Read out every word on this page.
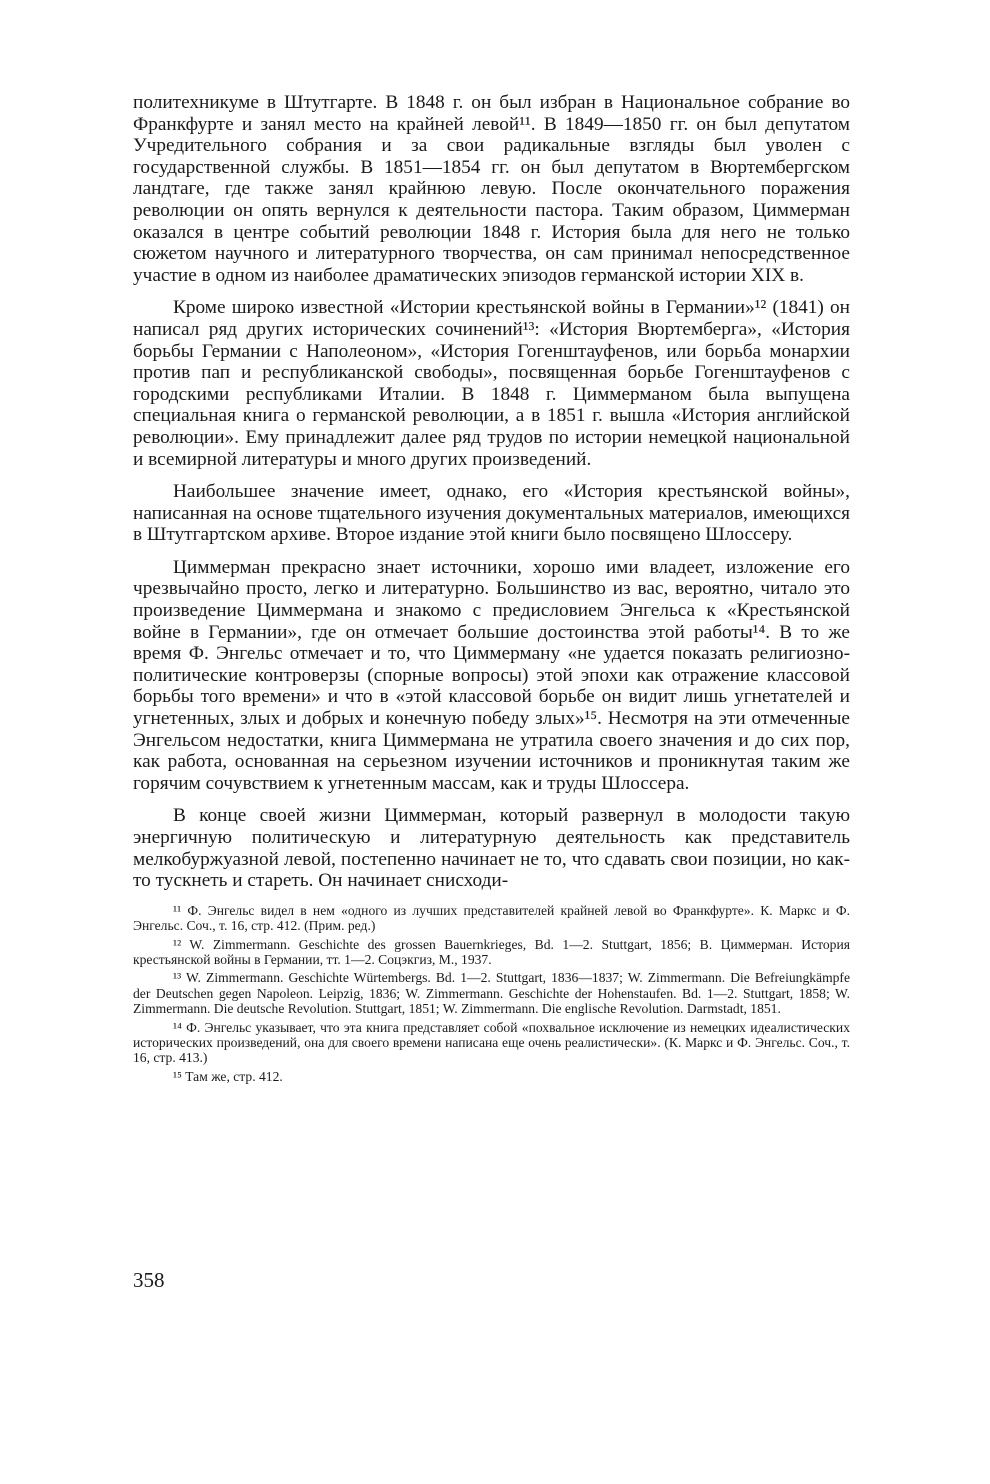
политехникуме в Штутгарте. В 1848 г. он был избран в Национальное собрание во Франкфурте и занял место на крайней левой¹¹. В 1849—1850 гг. он был депутатом Учредительного собрания и за свои радикальные взгляды был уволен с государственной службы. В 1851—1854 гг. он был депутатом в Вюртембергском ландтаге, где также занял крайнюю левую. После окончательного поражения революции он опять вернулся к деятельности пастора. Таким образом, Циммерман оказался в центре событий революции 1848 г. История была для него не только сюжетом научного и литературного творчества, он сам принимал непосредственное участие в одном из наиболее драматических эпизодов германской истории XIX в.

Кроме широко известной «Истории крестьянской войны в Германии»¹² (1841) он написал ряд других исторических сочинений¹³: «История Вюртемберга», «История борьбы Германии с Наполеоном», «История Гогенштауфенов, или борьба монархии против пап и республиканской свободы», посвященная борьбе Гогенштауфенов с городскими республиками Италии. В 1848 г. Циммерманом была выпущена специальная книга о германской революции, а в 1851 г. вышла «История английской революции». Ему принадлежит далее ряд трудов по истории немецкой национальной и всемирной литературы и много других произведений.

Наибольшее значение имеет, однако, его «История крестьянской войны», написанная на основе тщательного изучения документальных материалов, имеющихся в Штутгартском архиве. Второе издание этой книги было посвящено Шлоссеру.

Циммерман прекрасно знает источники, хорошо ими владеет, изложение его чрезвычайно просто, легко и литературно. Большинство из вас, вероятно, читало это произведение Циммермана и знакомо с предисловием Энгельса к «Крестьянской войне в Германии», где он отмечает большие достоинства этой работы¹⁴. В то же время Ф. Энгельс отмечает и то, что Циммерману «не удается показать религиозно-политические контроверзы (спорные вопросы) этой эпохи как отражение классовой борьбы того времени» и что в «этой классовой борьбе он видит лишь угнетателей и угнетенных, злых и добрых и конечную победу злых»¹⁵. Несмотря на эти отмеченные Энгельсом недостатки, книга Циммермана не утратила своего значения и до сих пор, как работа, основанная на серьезном изучении источников и проникнутая таким же горячим сочувствием к угнетенным массам, как и труды Шлоссера.

В конце своей жизни Циммерман, который развернул в молодости такую энергичную политическую и литературную деятельность как представитель мелкобуржуазной левой, постепенно начинает не то, что сдавать свои позиции, но как-то тускнеть и стареть. Он начинает снисходи-

¹¹ Ф. Энгельс видел в нем «одного из лучших представителей крайней левой во Франкфурте». К. Маркс и Ф. Энгельс. Соч., т. 16, стр. 412. (Прим. ред.)

¹² W. Zimmermann. Geschichte des grossen Bauernkrieges, Bd. 1—2. Stuttgart, 1856; В. Циммерман. История крестьянской войны в Германии, тт. 1—2. Соцэкгиз, М., 1937.

¹³ W. Zimmermann. Geschichte Würtembergs. Bd. 1—2. Stuttgart, 1836—1837; W. Zimmermann. Die Befreiungkämpfe der Deutschen gegen Napoleon. Leipzig, 1836; W. Zimmermann. Geschichte der Hohenstaufen. Bd. 1—2. Stuttgart, 1858; W. Zimmermann. Die deutsche Revolution. Stuttgart, 1851; W. Zimmermann. Die englische Revolution. Darmstadt, 1851.

¹⁴ Ф. Энгельс указывает, что эта книга представляет собой «похвальное исключение из немецких идеалистических исторических произведений, она для своего времени написана еще очень реалистически». (К. Маркс и Ф. Энгельс. Соч., т. 16, стр. 413.)

¹⁵ Там же, стр. 412.

358
